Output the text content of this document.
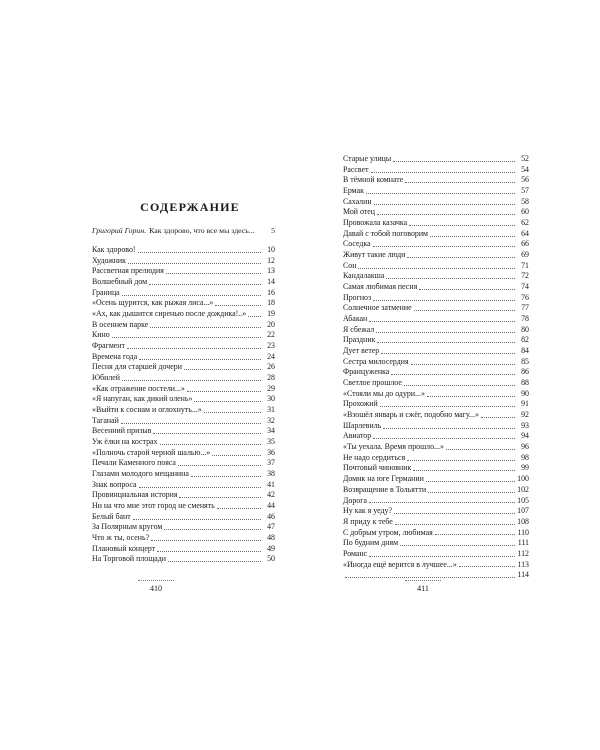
СОДЕРЖАНИЕ
Григорий Горин. Как здорово, что все мы здесь...	5
Как здорово!	10
Художник	12
Рассветная прелюдия	13
Волшебный дом	14
Граница	16
«Осень щурится, как рыжая лиса...»	18
«Ах, как дышится сиренью после дождика!..»	19
В осеннем парке	20
Кино	22
Фрагмент	23
Времена года	24
Песня для старшей дочери	26
Юбилей	28
«Как отражение постели...»	29
«Я напуган, как дикий олень»	30
«Выйти к соснам и оглохнуть...»	31
Таганай	32
Весенний призыв	34
Уж ёлки на кострах	35
«Полночь старой черной шалью...»	36
Печали Каменного пояса	37
Глазами молодого мещанина	38
Знак вопроса	41
Провинциальная история	42
Ни на что мне этот город не сменять	44
Белый бант	46
За Полярным кругом	47
Что ж ты, осень?	48
Плановый концерт	49
На Торговой площади	50
410
Старые улицы	52
Рассвет	54
В тёмной комнате	56
Ермак	57
Сахалин	58
Мой отец	60
Провожала казачка	62
Давай с тобой поговорим	64
Соседка	66
Живут такие люди	69
Сон	71
Кандалакша	72
Самая любимая песня	74
Прогноз	76
Солнечное затмение	77
Абакан	78
Я сбежал	80
Праздник	82
Дует ветер	84
Сестра милосердия	85
Француженка	86
Светлое прошлое	88
«Стояли мы до одури...»	90
Прохожий	91
«Взошёл январь и сжёг, подобно магу...»	92
Шарлевиль	93
Авиатор	94
«Ты уехала. Время прошло...»	96
Не надо сердиться	98
Почтовый чиновник	99
Домик на юге Германии	100
Возвращение в Тольятти	102
Дорога	105
Ну как я уеду?	107
Я приду к тебе	108
С добрым утром, любимая	110
По будним дням	111
Романс	112
«Иногда ещё верится в лучшее...»	113
114
411
